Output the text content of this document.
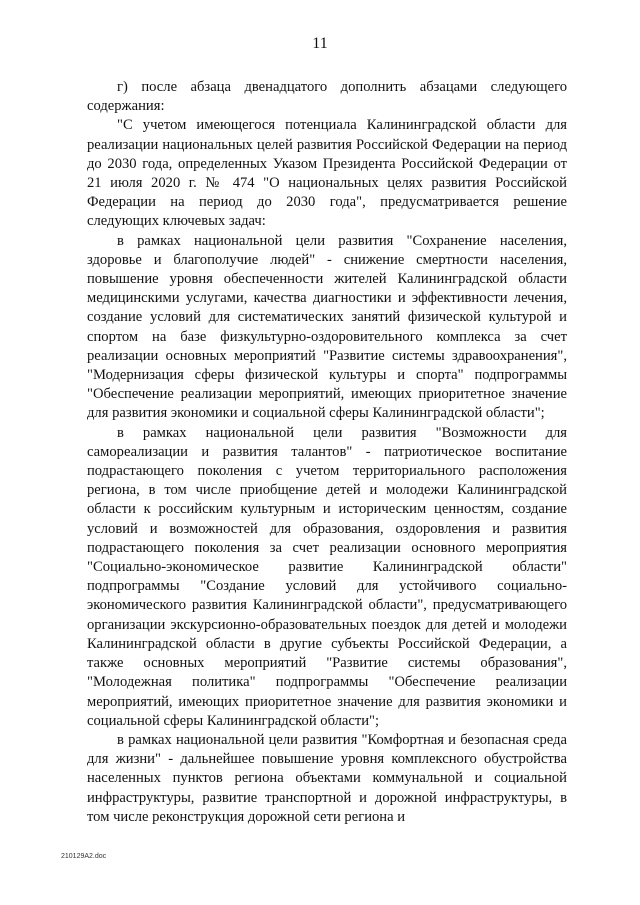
11

г) после абзаца двенадцатого дополнить абзацами следующего содержания:

"С учетом имеющегося потенциала Калининградской области для реализации национальных целей развития Российской Федерации на период до 2030 года, определенных Указом Президента Российской Федерации от 21 июля 2020 г. № 474 "О национальных целях развития Российской Федерации на период до 2030 года", предусматривается решение следующих ключевых задач:

в рамках национальной цели развития "Сохранение населения, здоровье и благополучие людей" - снижение смертности населения, повышение уровня обеспеченности жителей Калининградской области медицинскими услугами, качества диагностики и эффективности лечения, создание условий для систематических занятий физической культурой и спортом на базе физкультурно-оздоровительного комплекса за счет реализации основных мероприятий "Развитие системы здравоохранения", "Модернизация сферы физической культуры и спорта" подпрограммы "Обеспечение реализации мероприятий, имеющих приоритетное значение для развития экономики и социальной сферы Калининградской области";

в рамках национальной цели развития "Возможности для самореализации и развития талантов" - патриотическое воспитание подрастающего поколения с учетом территориального расположения региона, в том числе приобщение детей и молодежи Калининградской области к российским культурным и историческим ценностям, создание условий и возможностей для образования, оздоровления и развития подрастающего поколения за счет реализации основного мероприятия "Социально-экономическое развитие Калининградской области" подпрограммы "Создание условий для устойчивого социально-экономического развития Калининградской области", предусматривающего организации экскурсионно-образовательных поездок для детей и молодежи Калининградской области в другие субъекты Российской Федерации, а также основных мероприятий "Развитие системы образования", "Молодежная политика" подпрограммы "Обеспечение реализации мероприятий, имеющих приоритетное значение для развития экономики и социальной сферы Калининградской области";

в рамках национальной цели развития "Комфортная и безопасная среда для жизни" - дальнейшее повышение уровня комплексного обустройства населенных пунктов региона объектами коммунальной и социальной инфраструктуры, развитие транспортной и дорожной инфраструктуры, в том числе реконструкция дорожной сети региона и

210129A2.doc
